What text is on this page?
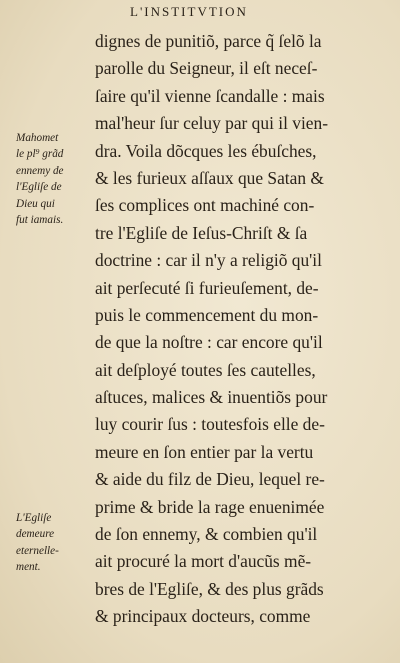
L'INSTITVTION
Mahomet
le pl⁹ grãd
ennemy de
l'Egliſe de
Dieu qui
fut iamais.
L'Egliſe
demeure
eternelle-
ment.
dignes de punitiõ, parce q̃ ſelõ la
parolle du Seigneur, il eſt neceſ-
ſaire qu'il vienne ſcandalle : mais
mal'heur ſur celuy par qui il vien-
dra. Voila dõcques les ébuſches,
& les furieux aſſaux que Satan &
ſes complices ont machiné con-
tre l'Egliſe de Ieſus-Chriſt & ſa
doctrine : car il n'y a religiõ qu'il
ait perſecuté ſi furieuſement, de-
puis le commencement du mon-
de que la noſtre : car encore qu'il
ait deſployé toutes ſes cautelles,
aſtuces, malices & inuentiõs pour
luy courir ſus : toutesfois elle de-
meure en ſon entier par la vertu
& aide du filz de Dieu, lequel re-
prime & bride la rage enuenimée
de ſon ennemy, & combien qu'il
ait procuré la mort d'aucũs mẽ-
bres de l'Egliſe, & des plus grãds
& principaux docteurs, comme
